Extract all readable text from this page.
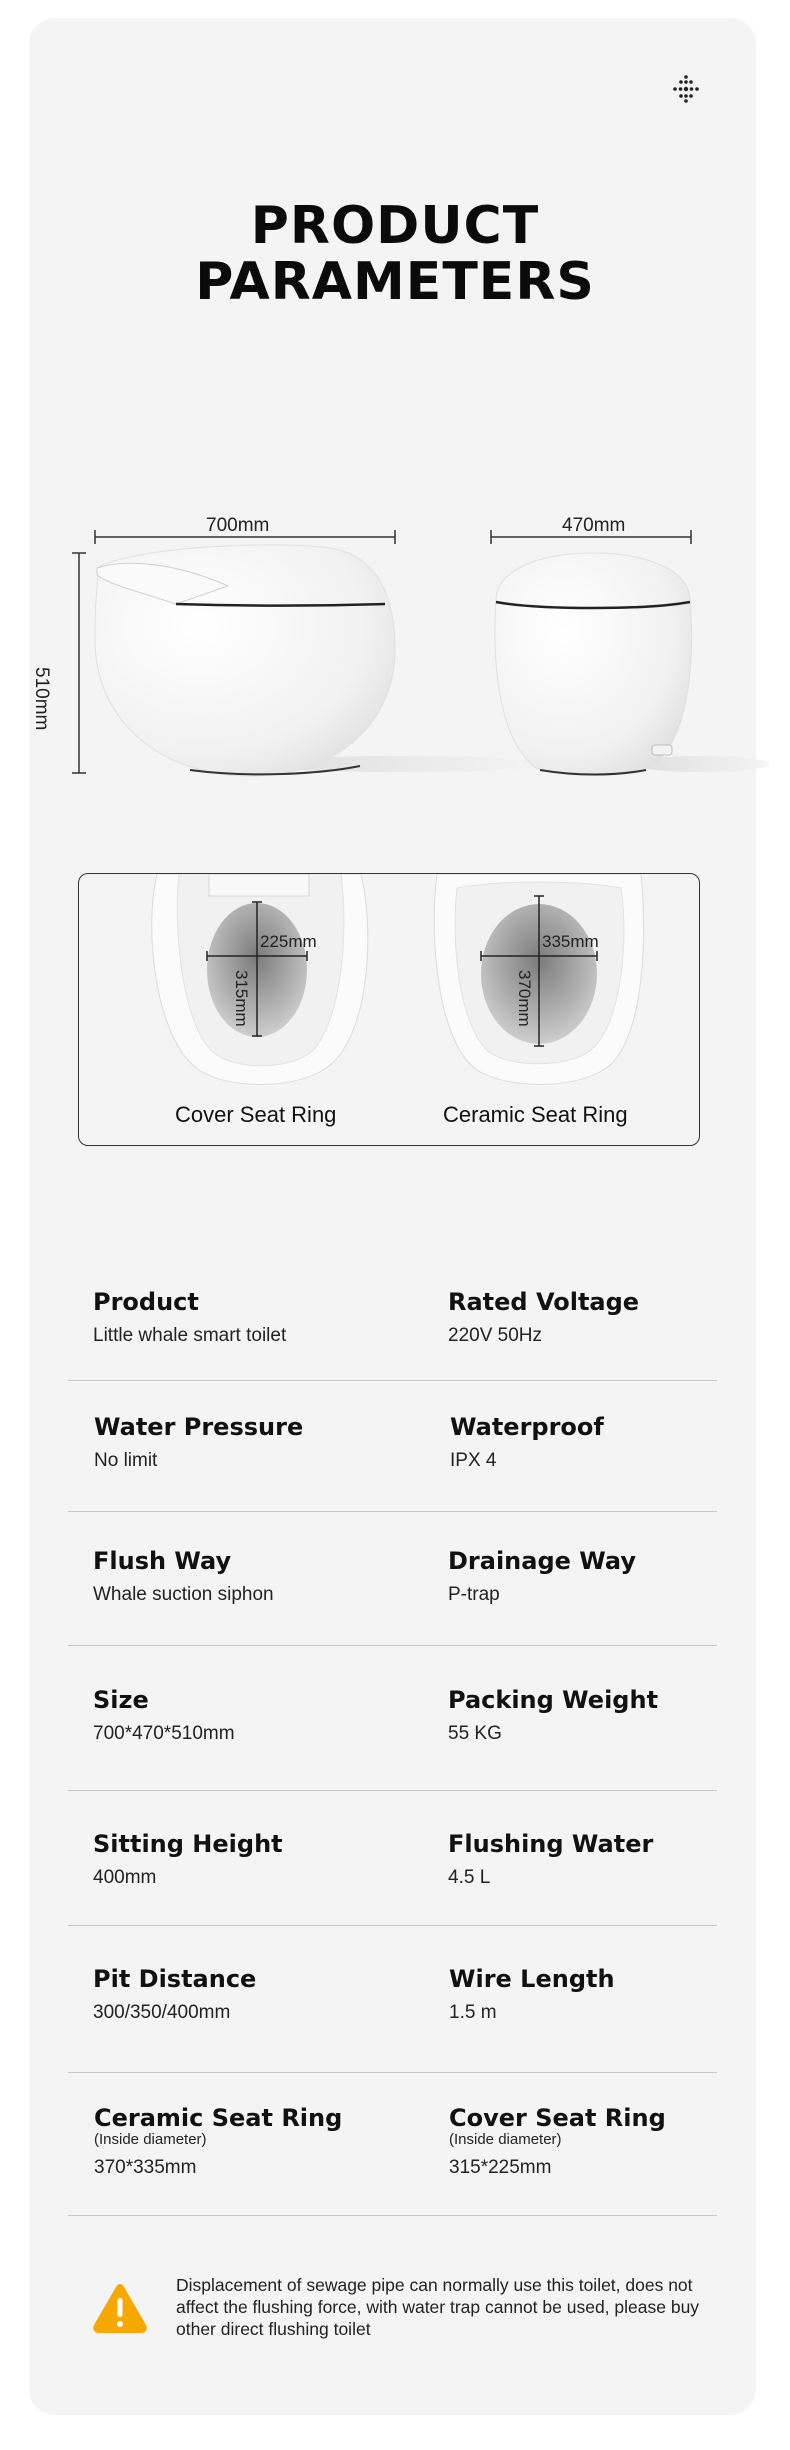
PRODUCT
PARAMETERS
700mm	470mm
510mm
Cover Seat Ring	Ceramic Seat Ring
225mm
315mm
335mm
370mm
Product
Little whale smart toilet
Rated Voltage
220V 50Hz
Water Pressure
No limit
Waterproof
IPX 4
Flush Way
Whale suction siphon
Drainage Way
P-trap
Size
700*470*510mm
Packing Weight
55 KG
Sitting Height
400mm
Flushing Water
4.5 L
Pit Distance
300/350/400mm
Wire Length
1.5 m
Ceramic Seat Ring
(Inside diameter)
370*335mm
Cover Seat Ring
(Inside diameter)
315*225mm
Displacement of sewage pipe can normally use this toilet, does not affect the flushing force, with water trap cannot be used, please buy other direct flushing toilet
